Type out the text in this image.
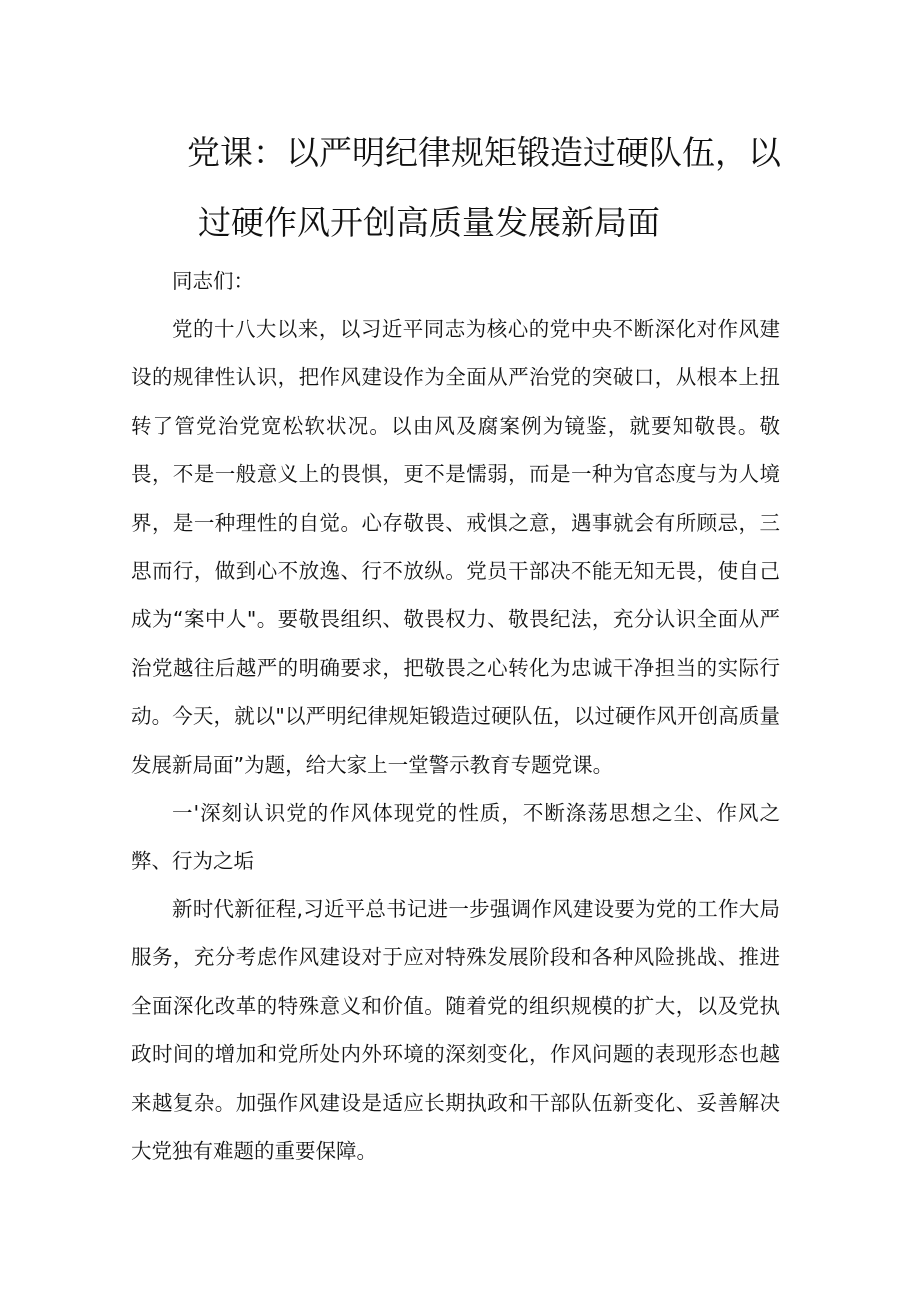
党课：以严明纪律规矩锻造过硬队伍，以
过硬作风开创高质量发展新局面

同志们：

党的十八大以来，以习近平同志为核心的党中央不断深化对作风建设的规律性认识，把作风建设作为全面从严治党的突破口，从根本上扭转了管党治党宽松软状况。以由风及腐案例为镜鉴，就要知敬畏。敬畏，不是一般意义上的畏惧，更不是懦弱，而是一种为官态度与为人境界，是一种理性的自觉。心存敬畏、戒惧之意，遇事就会有所顾忌，三思而行，做到心不放逸、行不放纵。党员干部决不能无知无畏，使自己成为“案中人"。要敬畏组织、敬畏权力、敬畏纪法，充分认识全面从严治党越往后越严的明确要求，把敬畏之心转化为忠诚干净担当的实际行动。今天，就以"以严明纪律规矩锻造过硬队伍，以过硬作风开创高质量发展新局面”为题，给大家上一堂警示教育专题党课。

一'深刻认识党的作风体现党的性质，不断涤荡思想之尘、作风之弊、行为之垢

新时代新征程,习近平总书记进一步强调作风建设要为党的工作大局服务，充分考虑作风建设对于应对特殊发展阶段和各种风险挑战、推进全面深化改革的特殊意义和价值。随着党的组织规模的扩大，以及党执政时间的增加和党所处内外环境的深刻变化，作风问题的表现形态也越来越复杂。加强作风建设是适应长期执政和干部队伍新变化、妥善解决大党独有难题的重要保障。
